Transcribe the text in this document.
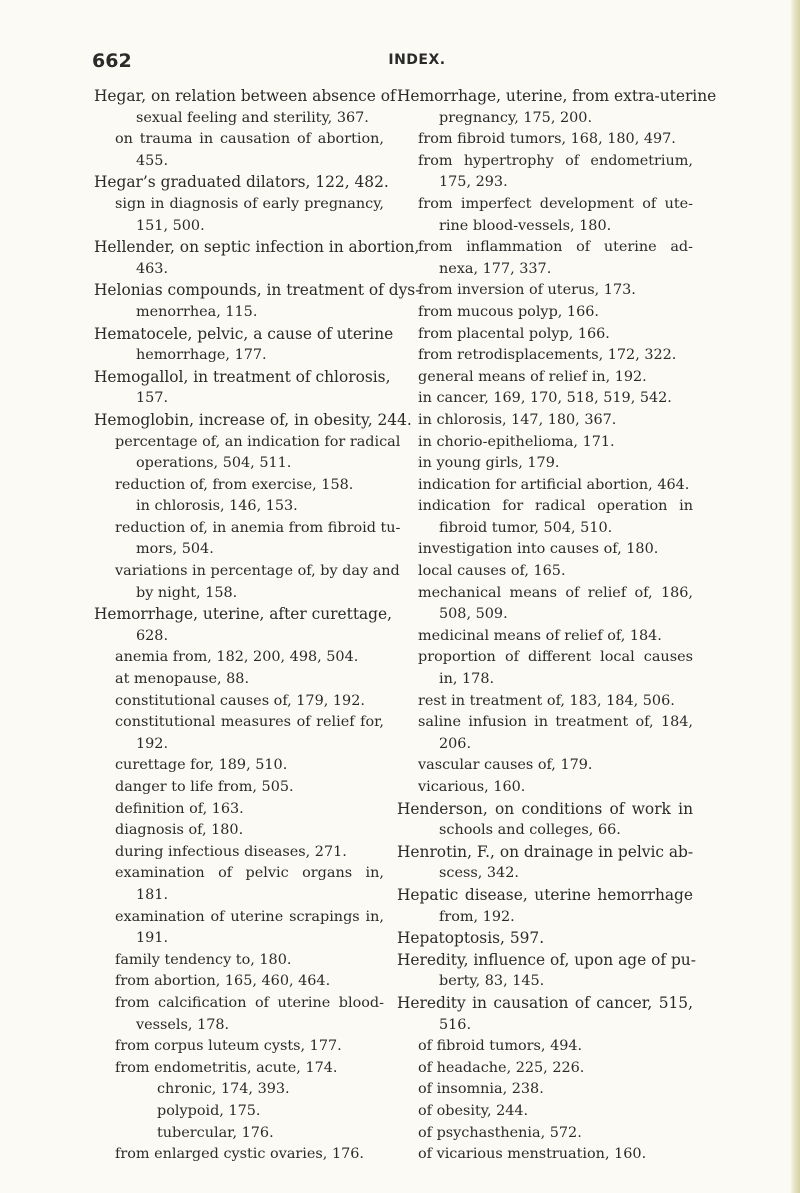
662	INDEX.
Hegar, on relation between absence of
sexual feeling and sterility, 367.
on trauma in causation of abortion,
455.
Hegar’s graduated dilators, 122, 482.
sign in diagnosis of early pregnancy,
151, 500.
Hellender, on septic infection in abortion,
463.
Helonias compounds, in treatment of dys-
menorrhea, 115.
Hematocele, pelvic, a cause of uterine
hemorrhage, 177.
Hemogallol, in treatment of chlorosis,
157.
Hemoglobin, increase of, in obesity, 244.
percentage of, an indication for radical
operations, 504, 511.
reduction of, from exercise, 158.
in chlorosis, 146, 153.
reduction of, in anemia from fibroid tu-
mors, 504.
variations in percentage of, by day and
by night, 158.
Hemorrhage, uterine, after curettage,
628.
anemia from, 182, 200, 498, 504.
at menopause, 88.
constitutional causes of, 179, 192.
constitutional measures of relief for,
192.
curettage for, 189, 510.
danger to life from, 505.
definition of, 163.
diagnosis of, 180.
during infectious diseases, 271.
examination of pelvic organs in,
181.
examination of uterine scrapings in,
191.
family tendency to, 180.
from abortion, 165, 460, 464.
from calcification of uterine blood-
vessels, 178.
from corpus luteum cysts, 177.
from endometritis, acute, 174.
chronic, 174, 393.
polypoid, 175.
tubercular, 176.
from enlarged cystic ovaries, 176.
Hemorrhage, uterine, from extra-uterine
pregnancy, 175, 200.
from fibroid tumors, 168, 180, 497.
from hypertrophy of endometrium,
175, 293.
from imperfect development of ute-
rine blood-vessels, 180.
from inflammation of uterine ad-
nexa, 177, 337.
from inversion of uterus, 173.
from mucous polyp, 166.
from placental polyp, 166.
from retrodisplacements, 172, 322.
general means of relief in, 192.
in cancer, 169, 170, 518, 519, 542.
in chlorosis, 147, 180, 367.
in chorio-epithelioma, 171.
in young girls, 179.
indication for artificial abortion, 464.
indication for radical operation in
fibroid tumor, 504, 510.
investigation into causes of, 180.
local causes of, 165.
mechanical means of relief of, 186,
508, 509.
medicinal means of relief of, 184.
proportion of different local causes
in, 178.
rest in treatment of, 183, 184, 506.
saline infusion in treatment of, 184,
206.
vascular causes of, 179.
vicarious, 160.
Henderson, on conditions of work in
schools and colleges, 66.
Henrotin, F., on drainage in pelvic ab-
scess, 342.
Hepatic disease, uterine hemorrhage
from, 192.
Hepatoptosis, 597.
Heredity, influence of, upon age of pu-
berty, 83, 145.
Heredity in causation of cancer, 515,
516.
of fibroid tumors, 494.
of headache, 225, 226.
of insomnia, 238.
of obesity, 244.
of psychasthenia, 572.
of vicarious menstruation, 160.
